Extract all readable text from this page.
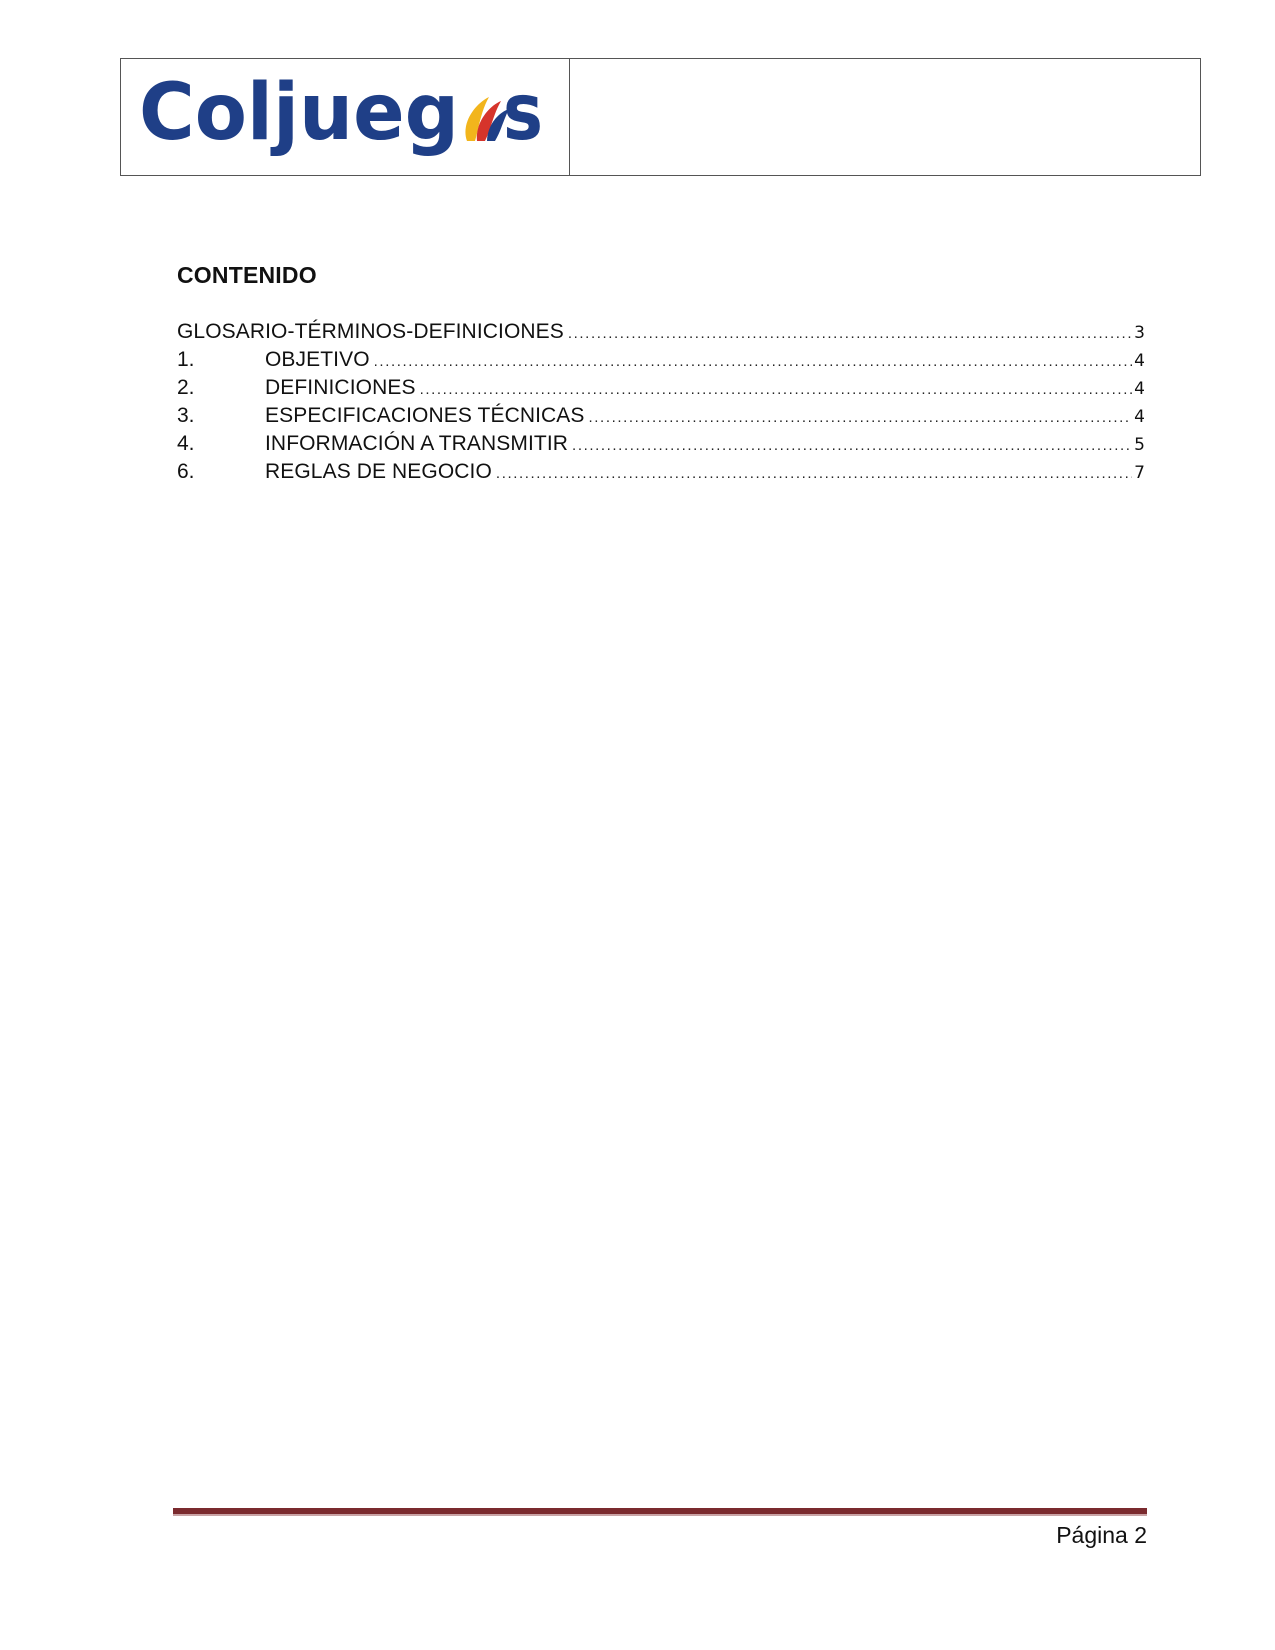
Coljueg s
CONTENIDO
GLOSARIO-TÉRMINOS-DEFINICIONES .....	3
1.	OBJETIVO .....	4
2.	DEFINICIONES .....	4
3.	ESPECIFICACIONES TÉCNICAS .....	4
4.	INFORMACIÓN A TRANSMITIR .....	5
6.	REGLAS DE NEGOCIO .....	7
Página 2
